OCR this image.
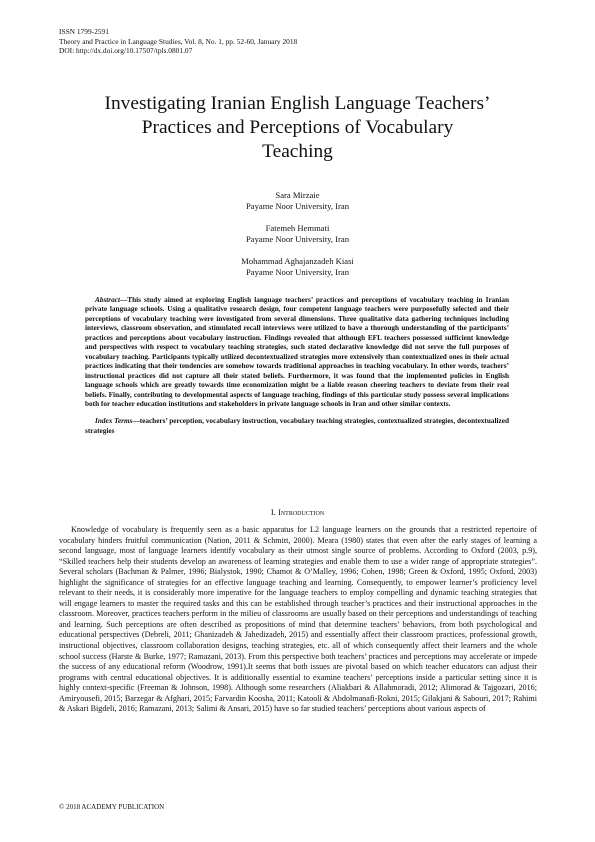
ISSN 1799-2591
Theory and Practice in Language Studies, Vol. 8, No. 1, pp. 52-60, January 2018
DOI: http://dx.doi.org/10.17507/tpls.0801.07
Investigating Iranian English Language Teachers’
Practices and Perceptions of Vocabulary
Teaching
Sara Mirzaie
Payame Noor University, Iran
Fatemeh Hemmati
Payame Noor University, Iran
Mohammad Aghajanzadeh Kiasi
Payame Noor University, Iran

Abstract—This study aimed at exploring English language teachers’ practices and perceptions of vocabulary teaching in Iranian private language schools. Using a qualitative research design, four competent language teachers were purposefully selected and their perceptions of vocabulary teaching were investigated from several dimensions. Three qualitative data gathering techniques including interviews, classroom observation, and stimulated recall interviews were utilized to have a thorough understanding of the participants’ practices and perceptions about vocabulary instruction. Findings revealed that although EFL teachers possessed sufficient knowledge and perspectives with respect to vocabulary teaching strategies, such stated declarative knowledge did not serve the full purposes of vocabulary teaching. Participants typically utilized decontextualized strategies more extensively than contextualized ones in their actual practices indicating that their tendencies are somehow towards traditional approaches in teaching vocabulary. In other words, teachers’ instructional practices did not capture all their stated beliefs. Furthermore, it was found that the implemented policies in English language schools which are greatly towards time economization might be a liable reason cheering teachers to deviate from their real beliefs. Finally, contributing to developmental aspects of language teaching, findings of this particular study possess several implications both for teacher education institutions and stakeholders in private language schools in Iran and other similar contexts.

Index Terms—teachers’ perception, vocabulary instruction, vocabulary teaching strategies, contextualized strategies, decontextualized strategies

I. Introduction

Knowledge of vocabulary is frequently seen as a basic apparatus for L2 language learners on the grounds that a restricted repertoire of vocabulary hinders fruitful communication (Nation, 2011 & Schmitt, 2000). Meara (1980) states that even after the early stages of learning a second language, most of language learners identify vocabulary as their utmost single source of problems. According to Oxford (2003, p.9), “Skilled teachers help their students develop an awareness of learning strategies and enable them to use a wider range of appropriate strategies”. Several scholars (Bachman & Palmer, 1996; Bialystok, 1990; Chamot & O’Malley, 1996; Cohen, 1998; Green & Oxford, 1995; Oxford, 2003) highlight the significance of strategies for an effective language teaching and learning. Consequently, to empower learner’s proficiency level relevant to their needs, it is considerably more imperative for the language teachers to employ compelling and dynamic teaching strategies that will engage learners to master the required tasks and this can be established through teacher’s practices and their instructional approaches in the classroom. Moreover, practices teachers perform in the milieu of classrooms are usually based on their perceptions and understandings of teaching and learning. Such perceptions are often described as propositions of mind that determine teachers’ behaviors, from both psychological and educational perspectives (Debreli, 2011; Ghanizadeh & Jahedizadeh, 2015) and essentially affect their classroom practices, professional growth, instructional objectives, classroom collaboration designs, teaching strategies, etc. all of which consequently affect their learners and the whole school success (Harste & Burke, 1977; Ramazani, 2013). From this perspective both teachers’ practices and perceptions may accelerate or impede the success of any educational reform (Woodrow, 1991).It seems that both issues are pivotal based on which teacher educators can adjust their programs with central educational objectives. It is additionally essential to examine teachers’ perceptions inside a particular setting since it is highly context-specific (Freeman & Johnson, 1998). Although some researchers (Aliakbari & Allahmoradi, 2012; Alimorad & Tajgozari, 2016; Amiryousefi, 2015; Barzegar & Afghari, 2015; Farvardin Koosha, 2011; Katooli & Abdolmanafi-Rokni, 2015; Gilakjani & Sabouri, 2017; Rahimi & Askari Bigdeli, 2016; Ramazani, 2013; Salimi & Ansari, 2015) have so far studied teachers’ perceptions about various aspects of

© 2018 ACADEMY PUBLICATION
